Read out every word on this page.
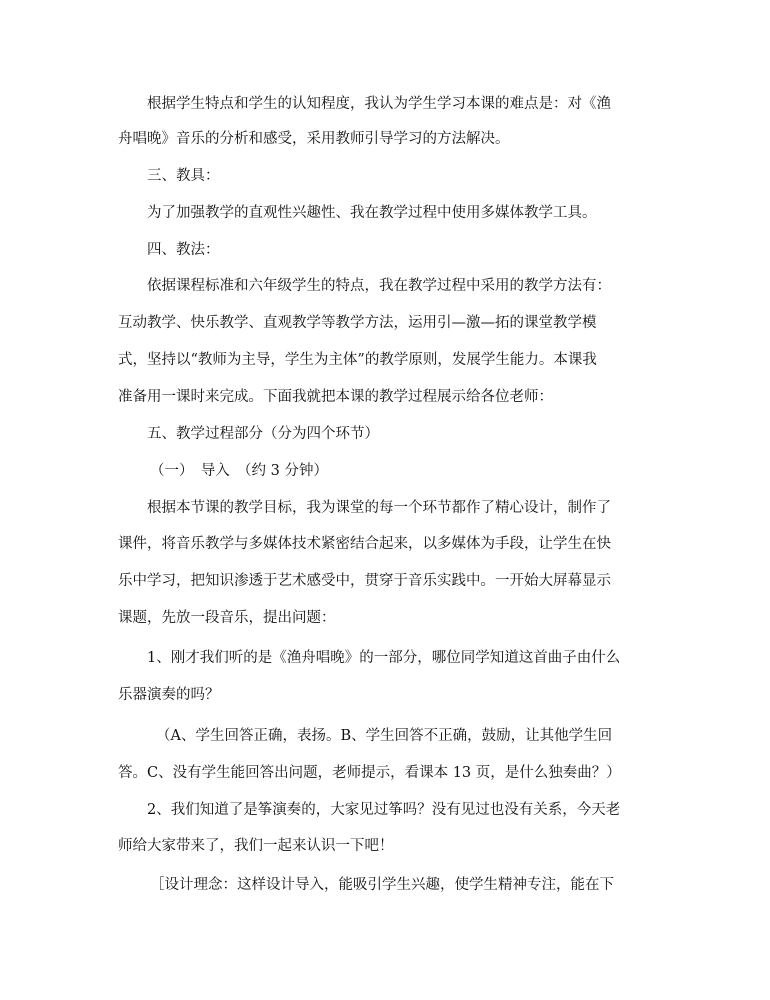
根据学生特点和学生的认知程度，我认为学生学习本课的难点是：对《渔
舟唱晚》音乐的分析和感受，采用教师引导学习的方法解决。
三、教具：
为了加强教学的直观性兴趣性、我在教学过程中使用多媒体教学工具。
四、教法：
依据课程标准和六年级学生的特点，我在教学过程中采用的教学方法有：
互动教学、快乐教学、直观教学等教学方法，运用引—激—拓的课堂教学模
式，坚持以“教师为主导，学生为主体”的教学原则，发展学生能力。本课我
准备用一课时来完成。下面我就把本课的教学过程展示给各位老师：
五、教学过程部分（分为四个环节）
（一）　导入　（约 3 分钟）
根据本节课的教学目标，我为课堂的每一个环节都作了精心设计，制作了
课件，将音乐教学与多媒体技术紧密结合起来，以多媒体为手段，让学生在快
乐中学习，把知识渗透于艺术感受中，贯穿于音乐实践中。一开始大屏幕显示
课题，先放一段音乐，提出问题：
1、刚才我们听的是《渔舟唱晚》的一部分，哪位同学知道这首曲子由什么
乐器演奏的吗？
（A、学生回答正确，表扬。B、学生回答不正确，鼓励，让其他学生回
答。C、没有学生能回答出问题，老师提示，看课本 13 页，是什么独奏曲？）
2、我们知道了是筝演奏的，大家见过筝吗？没有见过也没有关系，今天老
师给大家带来了，我们一起来认识一下吧！
［设计理念：这样设计导入，能吸引学生兴趣，使学生精神专注，能在下
